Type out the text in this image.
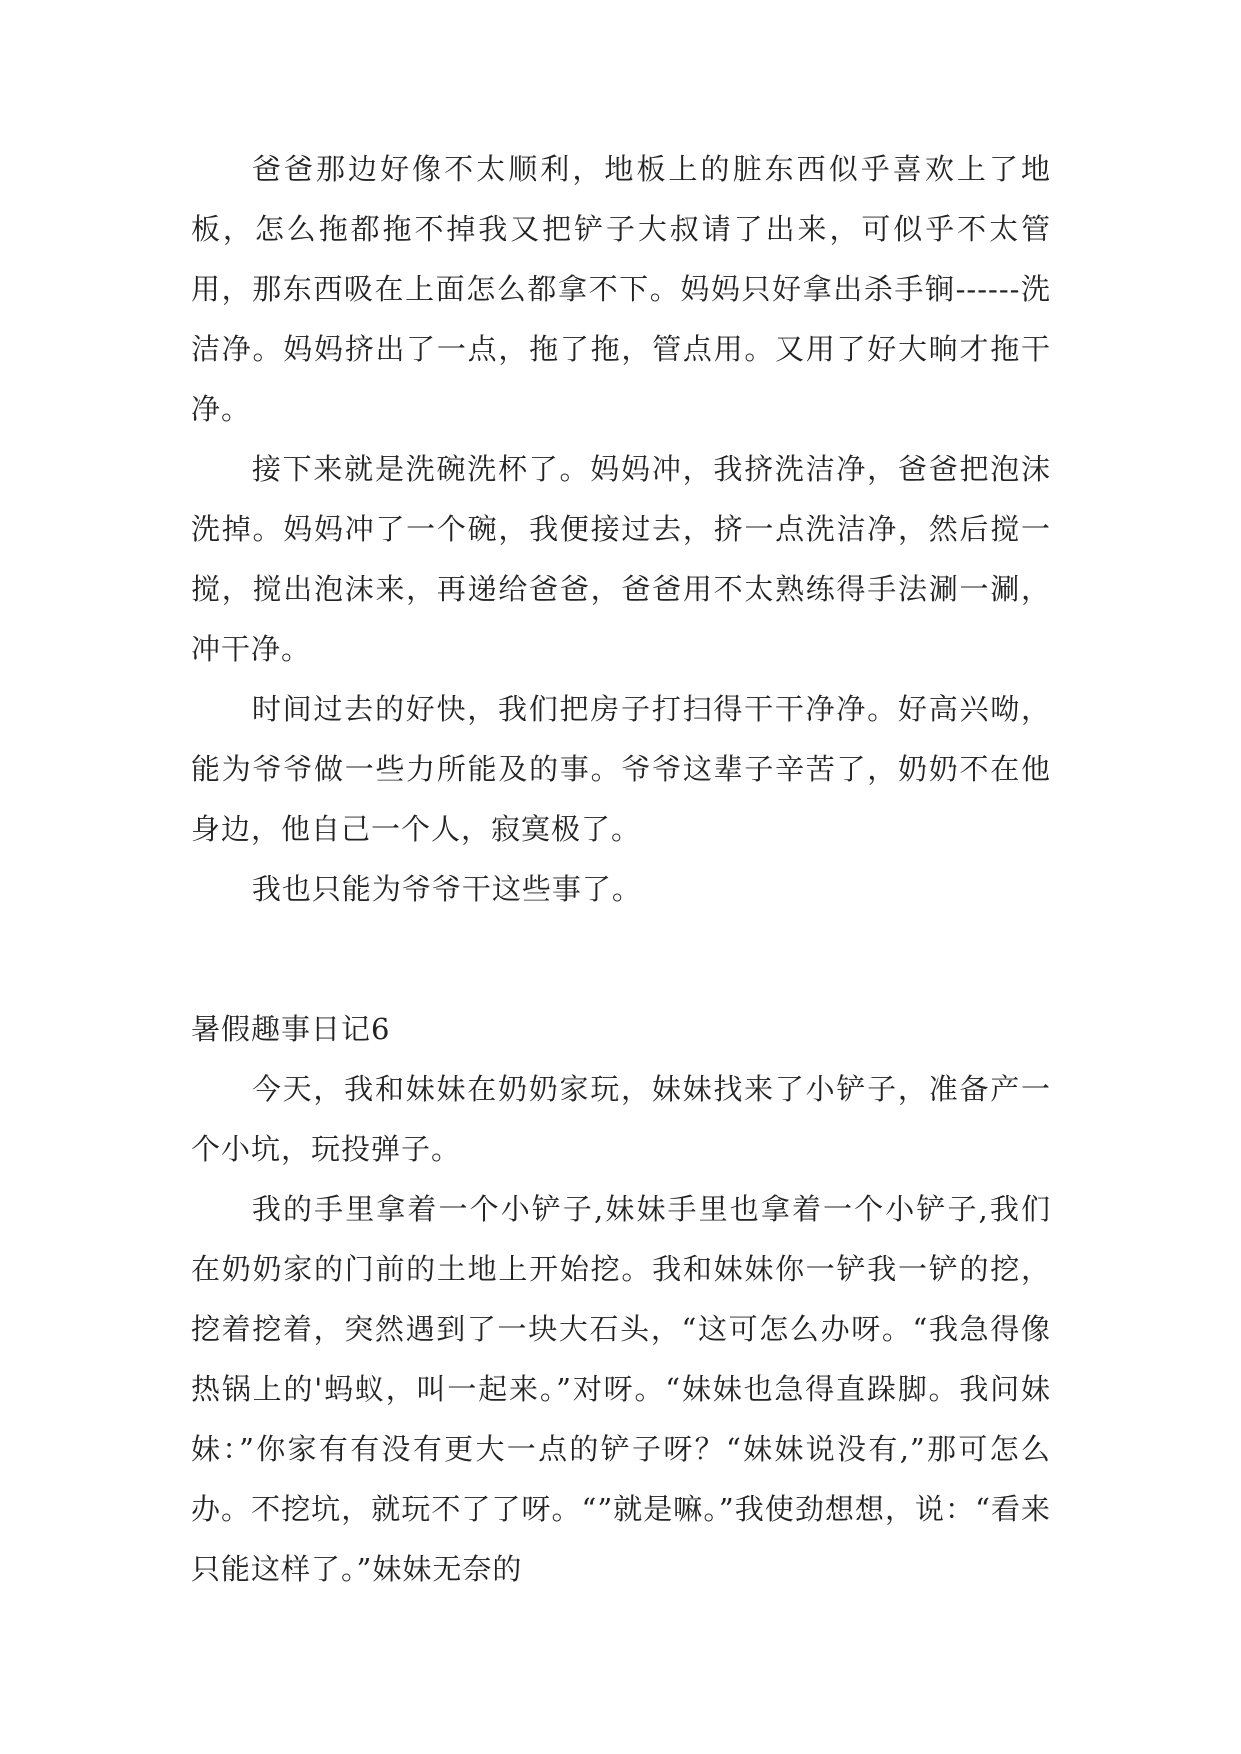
爸爸那边好像不太顺利，地板上的脏东西似乎喜欢上了地板，怎么拖都拖不掉我又把铲子大叔请了出来，可似乎不太管用，那东西吸在上面怎么都拿不下。妈妈只好拿出杀手锏------洗洁净。妈妈挤出了一点，拖了拖，管点用。又用了好大晌才拖干净。

接下来就是洗碗洗杯了。妈妈冲，我挤洗洁净，爸爸把泡沫洗掉。妈妈冲了一个碗，我便接过去，挤一点洗洁净，然后搅一搅，搅出泡沫来，再递给爸爸，爸爸用不太熟练得手法涮一涮，冲干净。

时间过去的好快，我们把房子打扫得干干净净。好高兴呦，能为爷爷做一些力所能及的事。爷爷这辈子辛苦了，奶奶不在他身边，他自己一个人，寂寞极了。

我也只能为爷爷干这些事了。

暑假趣事日记6

今天，我和妹妹在奶奶家玩，妹妹找来了小铲子，准备产一个小坑，玩投弹子。

我的手里拿着一个小铲子,妹妹手里也拿着一个小铲子,我们在奶奶家的门前的土地上开始挖。我和妹妹你一铲我一铲的挖，挖着挖着，突然遇到了一块大石头，“这可怎么办呀。“我急得像热锅上的'蚂蚁，叫一起来。”对呀。“妹妹也急得直跺脚。我问妹妹：”你家有有没有更大一点的铲子呀？“妹妹说没有,”那可怎么办。不挖坑，就玩不了了呀。“”就是嘛。”我使劲想想，说：“看来只能这样了。”妹妹无奈的
